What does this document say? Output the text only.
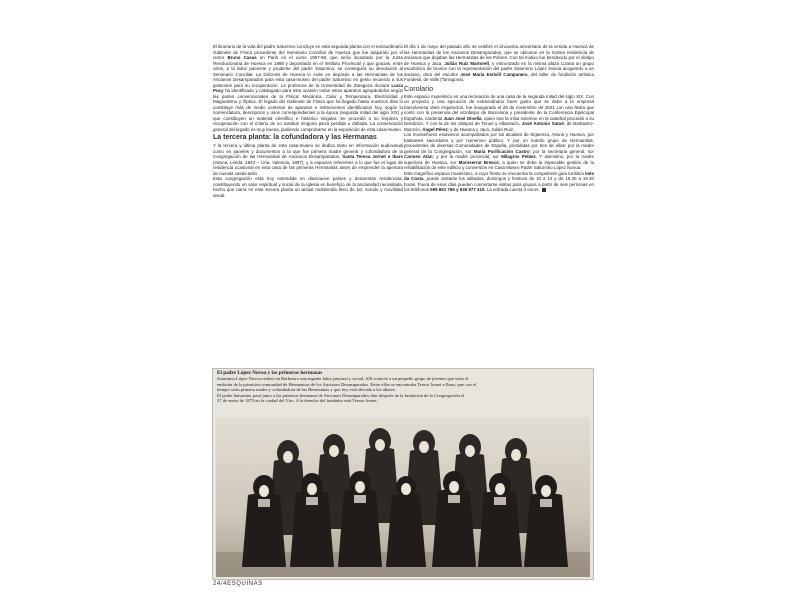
El itinerario de la vida del padre Saturnino concluye en esta segunda planta con el extraordinario Gabinete de Física procedente del Seminario Conciliar de Huesca que fue adquirido por el rector Bruno Casas en París en el curso 1857-58, que sería incautado por la Junta Revolucionaria de Huesca en 1868 y depositado en el Instituto Provincial y que gracias, entre otros, a la labor paciente y prudente del padre Saturnino, se conseguirá su devolución al Seminario Conciliar. La Diócesis de Huesca lo cede en depósito a las Hermanitas de los Ancianos Desamparados para esta casa-museo del padre Saturnino en gesto recuerdo a sus gestiones para su recuperación. La profesora de la Universidad de Zaragoza doctora Lucía Pucy ha identificado y catalogado para esta ocasión todos estos aparatos agrupándolos según las partes convencionales de la Física: Mecánica, Calor y Temperatura, Electricidad y Magnetismo y Óptica. El legado del Gabinete de Física que ha llegado hasta nuestros días lo constituye más de medio centenar de aparatos e instrumentos identificados hoy, según la nomenclatura, descripción y usos correspondientes a la época (segunda mitad del siglo XIX) y que constituyen un material científico e histórico singular. Se procedió a su limpieza y recuperación con el criterio de no sustituir ninguna pieza perdida o dañada. La conservación general del legado es muy buena, pudiendo comprobarse en la exposición de esta casa-museo.

La tercera planta: la cofundadora y las Hermanas

Y la tercera y última planta de esta casa-museo se dedica tanto en información audiovisual como en paneles y documentos a la que fue primera madre general y cofundadora de la Congregación de las Hermanitas de Ancianos Desamparados, Santa Teresa Jornet e Ibars (Aitona, Lérida, 1843 – Liria, Valencia, 1897), y a espacios referentes a lo que fue el lugar de residencia ocasional en esta casa de las primeras Hermanitas antes de emprender la apertura de nuevas casas-asilo.

Esta congregación está hoy extendida en diecinueve países y doscientas residencias, constituyendo un valor espiritual y social de la Iglesia en beneficio de la ancianidad necesitada, hecho que narra en esta tercera planta un actual multimedia lleno de luz, sonido y movilidad visual.

El día 1 de mayo del pasado año se celebró el cincuenta aniversario de la venida a Huesca de las Hermanitas de los Ancianos Desamparados, que se ubicaron en la misma residencia de ancianos que dejaban las Hermanitas de los Pobres. Con tal motivo fue bendecido por el obispo de Huesca y Jaca, Julián Ruiz Martorell, y entronizado en la misma plaza Lizana un grupo escultórico de bronce con la representación del padre Saturnino López Novoa acogiendo a un anciano, obra del escultor José María Estivill Campanera, del taller de fundición artística Fundesti, de Valls (Tarragona).

Corolario

Este espacio museístico es una recreación de una casa de la segunda mitad del siglo XIX. Con un proyecto y una ejecución de extraordinario buen gusto que se debe a la empresa barcelonesa Varis Arquitectos, fue inaugurado el 26 de noviembre de 2021 con una fiesta que contó con la presencia del arzobispo de Barcelona y presidente de la Conferencia Episcopal Española, cardenal Juan José Omella, quien tras la misa solemne en la catedral procedió a su bendición. Y con la de los obispos de Teruel y Albarracín, José Antonio Satué; de Barbastro-Monzón, Ángel Pérez; y de Huesca y Jaca, Julián Ruiz.

Los monseñores estuvieron acompañados por los alcaldes de Sigüenza, Aitona y Huesca, por bastantes sacerdotes y por numeroso público. Y por un nutrido grupo de Hermanitas, procedentes de diversas Comunidades de España, presididas por tres de ellas: por la madre general de la Congregación, sor María Purificación Castro; por la secretaria general, sor Carmen Atán; y por la madre provincial, sor Milagros Peláez. Y asimismo, por la madre superiora de Huesca, sor Montserrat Brescó, a quien se debe la impecable gestión de la rehabilitación de este edificio y conversión en Casa Museo Padre Saturnino López Novoa.

Este magnífico espacio museístico, a cuyo frente se encuentra la competente guía turística Inés da Costa, puede visitarse los sábados, domingos y festivos de 10 a 13 y de 16.30 a 19.30 horas. Fuera de esos días pueden concertarse visitas para grupos a partir de seis personas en los teléfonos 599 651 786 y 636 977 415. La entrada cuesta 3 euros.

El padre López Novoa y las primeras hermanas
Saturnino López Novoa realizó en Barbastro una ingente labor pastoral y social. Allí conoció a un pequeño grupo de jóvenes que sería el
embrión de la primitiva comunidad de Hermanitas de los Ancianos Desamparados. Entre ellas se encontraba Teresa Jornet e Ibars, que con el
tiempo sería primera madre y cofundadora de las Hermanitas y que hoy está elevada a los altares.
El padre Saturnino posó junto a las primeras hermanas de Ancianos Desamparados días después de la fundación de la Congregación el
27 de enero de 1873 en la ciudad del Viro. A la derecha del fundador está Teresa Jornet.
24/4ESQUINAS
